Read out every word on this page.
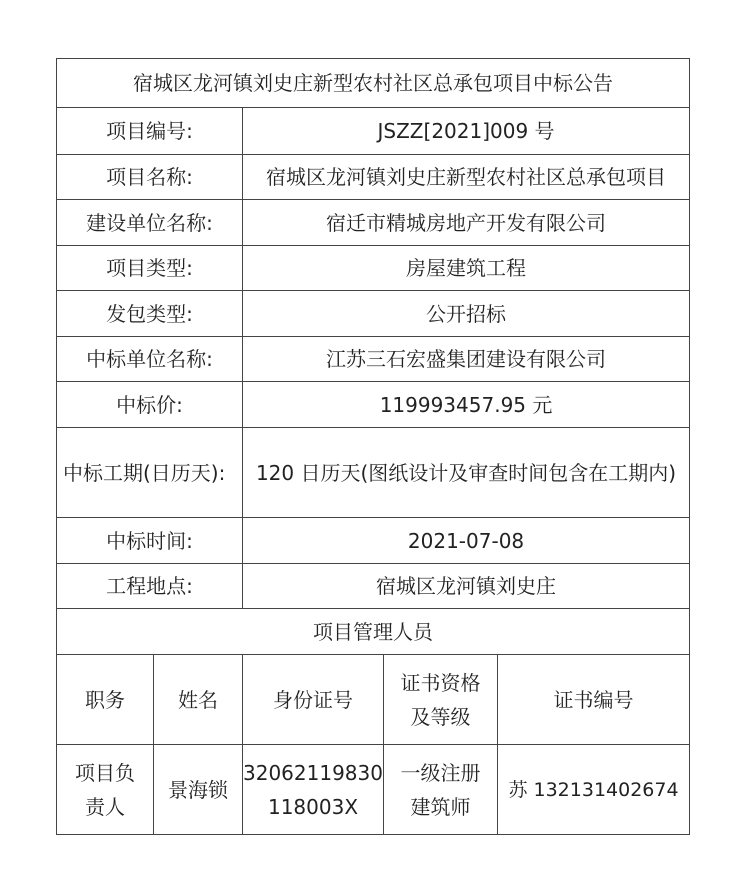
宿城区龙河镇刘史庄新型农村社区总承包项目中标公告				
项目编号:		JSZZ[2021]009 号		
项目名称:		宿城区龙河镇刘史庄新型农村社区总承包项目		
建设单位名称:		宿迁市精城房地产开发有限公司		
项目类型:		房屋建筑工程		
发包类型:		公开招标		
中标单位名称:		江苏三石宏盛集团建设有限公司		
中标价:		119993457.95 元		
中标工期(日历天):		120 日历天(图纸设计及审查时间包含在工期内)		
中标时间:		2021-07-08		
工程地点:		宿城区龙河镇刘史庄		
项目管理人员				
职务	姓名	身份证号	证书资格及等级	证书编号
项目负责人	景海锁	32062119830118003X	一级注册建筑师	苏 132131402674
